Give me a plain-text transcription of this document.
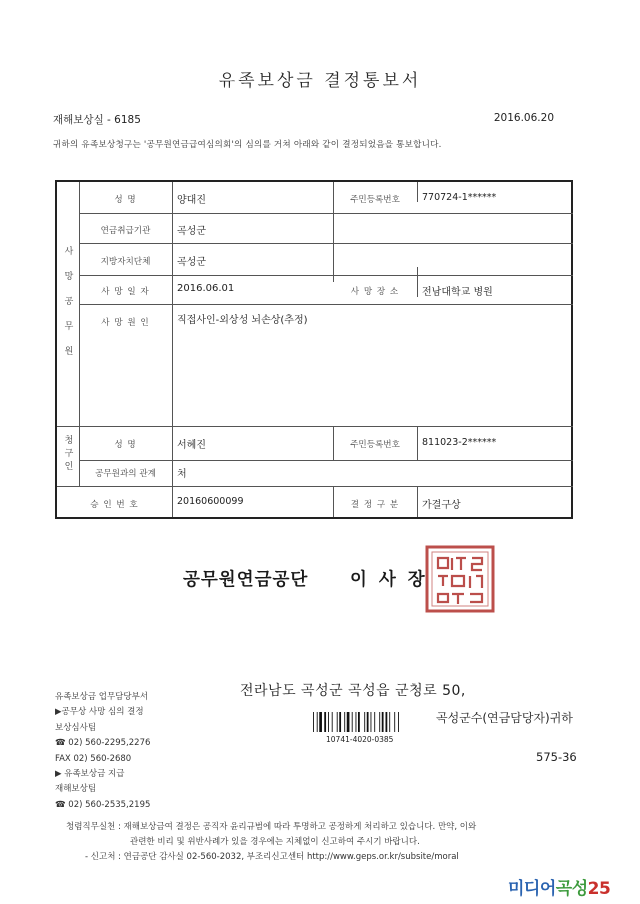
유족보상금 결정통보서
재해보상실 - 6185	2016.06.20
귀하의 유족보상청구는 '공무원연금급여심의회'의 심의를 거쳐 아래와 같이 결정되었음을 통보합니다.
사
망
공
무
원
청
구
인
성 명	양대진	주민등록번호	770724-1******
연금취급기관	곡성군
지방자치단체	곡성군
사 망 일 자	2016.06.01	사 망 장 소	전남대학교 병원
사 망 원 인	직접사인-외상성 뇌손상(추정)
성 명	서혜진	주민등록번호	811023-2******
공무원과의 관계	처
승 인 번 호	20160600099	결 정 구 분	가결구상
공무원연금공단 이사장
유족보상금 업무담당부서
▶공무상 사망 심의 결정
보상심사팀
☎ 02) 560-2295,2276
FAX 02) 560-2680
▶ 유족보상금 지급
재해보상팀
☎ 02) 560-2535,2195
전라남도 곡성군 곡성읍 군청로 50,
10741-4020-0385
곡성군수(연금담당자)귀하
575-36
청렴직무실천 : 재해보상금여 결정은 공직자 윤리규범에 따라 투명하고 공정하게 처리하고 있습니다. 만약, 이와
관련한 비리 및 위반사례가 있을 경우에는 지체없이 신고하여 주시기 바랍니다.
- 신고처 : 연금공단 감사실 02-560-2032, 부조리신고센터 http://www.geps.or.kr/subsite/moral
미디어곡성25
